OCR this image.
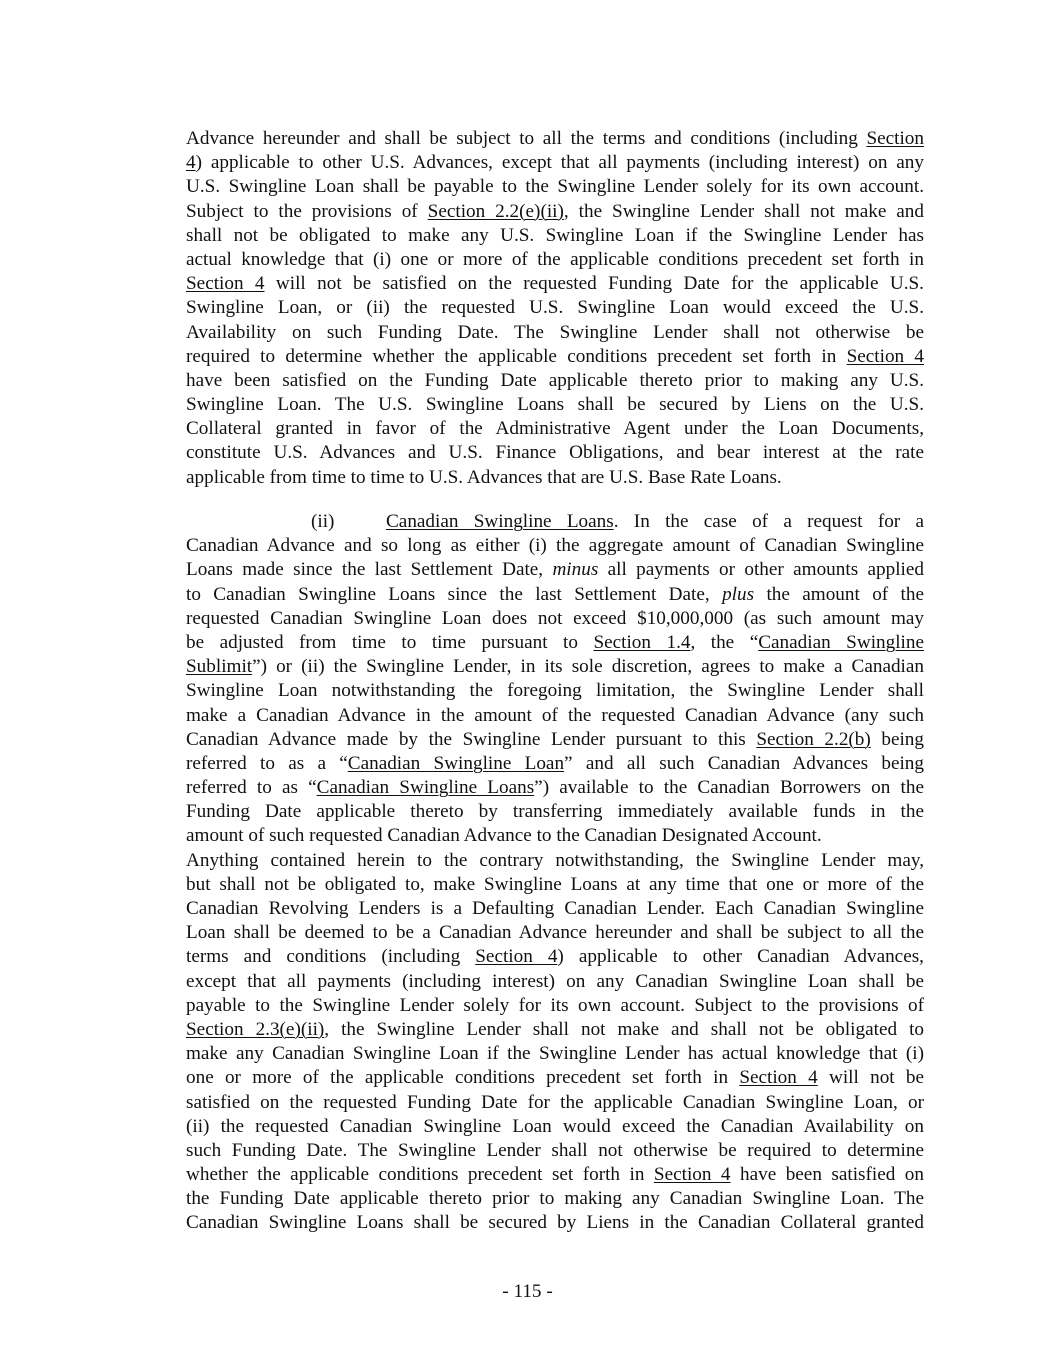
Advance hereunder and shall be subject to all the terms and conditions (including Section
4) applicable to other U.S. Advances, except that all payments (including interest) on any
U.S. Swingline Loan shall be payable to the Swingline Lender solely for its own account.
Subject to the provisions of Section 2.2(e)(ii), the Swingline Lender shall not make and
shall not be obligated to make any U.S. Swingline Loan if the Swingline Lender has
actual knowledge that (i) one or more of the applicable conditions precedent set forth in
Section 4 will not be satisfied on the requested Funding Date for the applicable U.S.
Swingline Loan, or (ii) the requested U.S. Swingline Loan would exceed the U.S.
Availability on such Funding Date. The Swingline Lender shall not otherwise be
required to determine whether the applicable conditions precedent set forth in Section 4
have been satisfied on the Funding Date applicable thereto prior to making any U.S.
Swingline Loan. The U.S. Swingline Loans shall be secured by Liens on the U.S.
Collateral granted in favor of the Administrative Agent under the Loan Documents,
constitute U.S. Advances and U.S. Finance Obligations, and bear interest at the rate
applicable from time to time to U.S. Advances that are U.S. Base Rate Loans.
(ii)	Canadian Swingline Loans. In the case of a request for a
Canadian Advance and so long as either (i) the aggregate amount of Canadian Swingline
Loans made since the last Settlement Date, minus all payments or other amounts applied
to Canadian Swingline Loans since the last Settlement Date, plus the amount of the
requested Canadian Swingline Loan does not exceed $10,000,000 (as such amount may
be adjusted from time to time pursuant to Section 1.4, the “Canadian Swingline
Sublimit”) or (ii) the Swingline Lender, in its sole discretion, agrees to make a Canadian
Swingline Loan notwithstanding the foregoing limitation, the Swingline Lender shall
make a Canadian Advance in the amount of the requested Canadian Advance (any such
Canadian Advance made by the Swingline Lender pursuant to this Section 2.2(b) being
referred to as a “Canadian Swingline Loan” and all such Canadian Advances being
referred to as “Canadian Swingline Loans”) available to the Canadian Borrowers on the
Funding Date applicable thereto by transferring immediately available funds in the
amount of such requested Canadian Advance to the Canadian Designated Account.
Anything contained herein to the contrary notwithstanding, the Swingline Lender may,
but shall not be obligated to, make Swingline Loans at any time that one or more of the
Canadian Revolving Lenders is a Defaulting Canadian Lender. Each Canadian Swingline
Loan shall be deemed to be a Canadian Advance hereunder and shall be subject to all the
terms and conditions (including Section 4) applicable to other Canadian Advances,
except that all payments (including interest) on any Canadian Swingline Loan shall be
payable to the Swingline Lender solely for its own account. Subject to the provisions of
Section 2.3(e)(ii), the Swingline Lender shall not make and shall not be obligated to
make any Canadian Swingline Loan if the Swingline Lender has actual knowledge that (i)
one or more of the applicable conditions precedent set forth in Section 4 will not be
satisfied on the requested Funding Date for the applicable Canadian Swingline Loan, or
(ii) the requested Canadian Swingline Loan would exceed the Canadian Availability on
such Funding Date. The Swingline Lender shall not otherwise be required to determine
whether the applicable conditions precedent set forth in Section 4 have been satisfied on
the Funding Date applicable thereto prior to making any Canadian Swingline Loan. The
Canadian Swingline Loans shall be secured by Liens in the Canadian Collateral granted
- 115 -
